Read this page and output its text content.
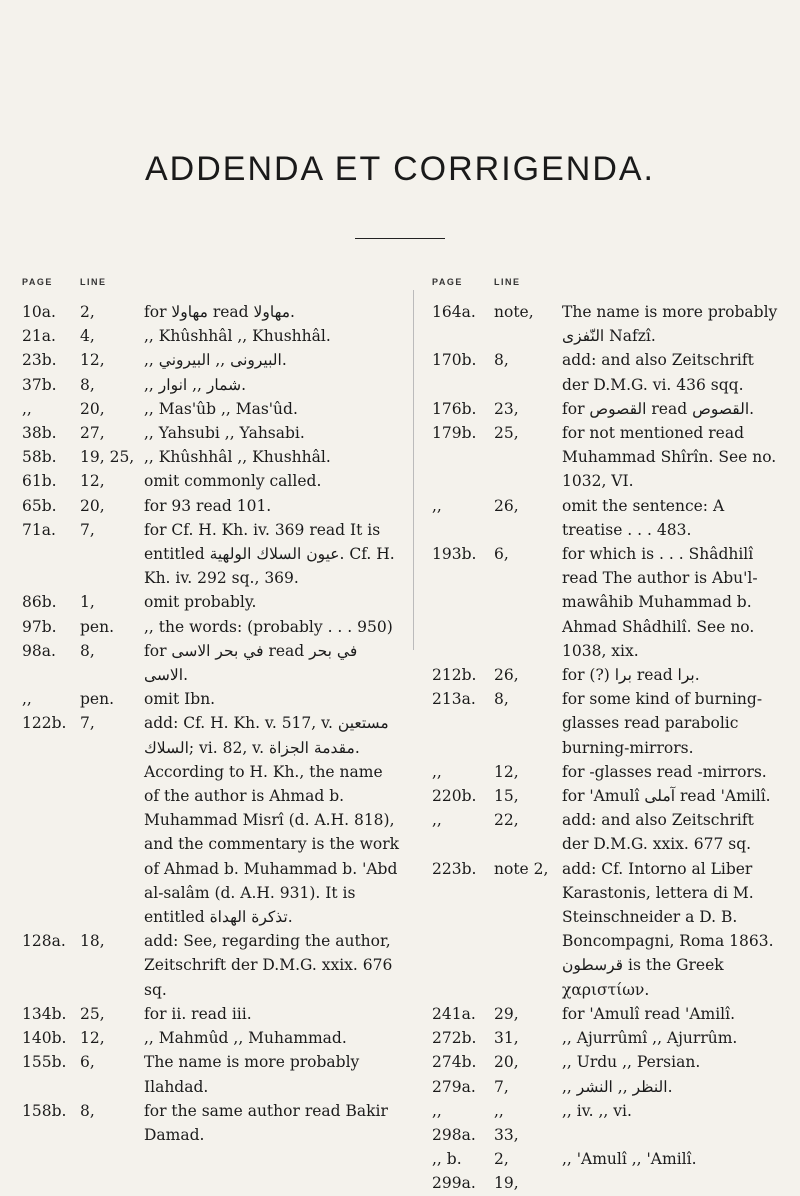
ADDENDA ET CORRIGENDA.
PAGE	LINE	PAGE	LINE
10a.	2,	for مهاولا read مهاولا.
21a.	4,	,, Khûshhâl ,, Khushhâl.
23b.	12,	,, البيرونی ,, البيروني.
37b.	8,	,, شمار ,, انوار.
,,	20,	,, Mas'ûb ,, Mas'ûd.
38b.	27,	,, Yahsubi ,, Yahsabi.
58b.	19, 25, ,, Khûshhâl ,, Khushhâl.
61b.	12,	omit commonly called.
65b.	20,	for 93 read 101.
71a.	7,	for Cf. H. Kh. iv. 369 read It is entitled عيون السلاك الولهية. Cf. H. Kh. iv. 292 sq., 369.
86b.	1,	omit probably.
97b.	pen.	,, the words: (probably . . . 950)
98a.	8,	for في بحر الاسى read في بحر الاسى.
,,	pen.	omit Ibn.
122b. 7,	add: Cf. H. Kh. v. 517, v. مستعين السلاك; vi. 82, v. مقدمة الجزاة. According to H. Kh., the name of the author is Ahmad b. Muhammad Misrî (d. A.H. 818), and the commentary is the work of Ahmad b. Muhammad b. 'Abd al-salâm (d. A.H. 931). It is entitled تذكرة الهداة.
128a. 18,	add: See, regarding the author, Zeitschrift der D.M.G. xxix. 676 sq.
134b. 25,	for ii. read iii.
140b. 12,	,, Mahmûd ,, Muhammad.
155b. 6,	The name is more probably Ilahdad.
158b. 8,	for the same author read Bakir Damad.
164a.	note,	The name is more probably النّفزى Nafzî.
170b.	8,	add: and also Zeitschrift der D.M.G. vi. 436 sqq.
176b.	23,	for القصوص read القصوص.
179b.	25,	for not mentioned read Muhammad Shîrîn. See no. 1032, VI.
,,	26,	omit the sentence: A treatise . . . 483.
193b.	6,	for which is . . . Shâdhilî read The author is Abu'l-mawâhib Muhammad b. Ahmad Shâdhilî. See no. 1038, xix.
212b.	26,	for (?) برا read برا.
213a.	8,	for some kind of burning-glasses read parabolic burning-mirrors.
,,	12,	for -glasses read -mirrors.
220b.	15,	for 'Amulî آملی read 'Amilî.
,,	22,	add: and also Zeitschrift der D.M.G. xxix. 677 sq.
223b.	note 2, add: Cf. Intorno al Liber Karastonis, lettera di M. Steinschneider a D. B. Boncompagni, Roma 1863. قرسطون is the Greek χαριστίων.
241a.	29,	for 'Amulî read 'Amilî.
272b.	31,	,, Ajurrûmî ,, Ajurrûm.
274b.	20,	,, Urdu ,, Persian.
279a.	7,	,, النظر ,, النشر.
,,	,,	,, iv. ,, vi.
298a.	33,

,, b.	2,	,, 'Amulî ,, 'Amilî.
299a.	19,
